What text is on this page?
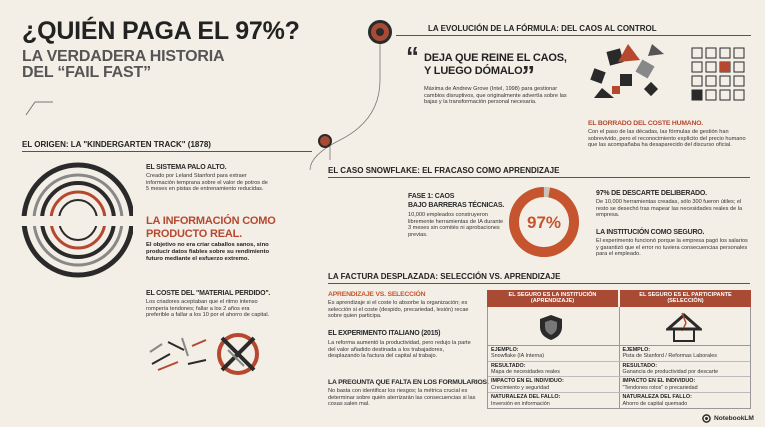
¿QUIÉN PAGA EL 97%?
LA VERDADERA HISTORIA
DEL “FAIL FAST”
LA EVOLUCIÓN DE LA FÓRMULA: DEL CAOS AL CONTROL
“ DEJA QUE REINE EL CAOS,
Y LUEGO DÓMALO.
”
Máxima de Andrew Grove (Intel, 1998) para gestionar cambios disruptivos, que originalmente advertía sobre las bajas y la transformación personal necesaria.
EL BORRADO DEL COSTE HUMANO.
Con el paso de las décadas, las fórmulas de gestión han sobrevivido, pero el reconocimiento explícito del precio humano que las acompañaba ha desaparecido del discurso oficial.
EL ORIGEN: LA "KINDERGARTEN TRACK" (1878)
EL SISTEMA PALO ALTO.
Creado por Leland Stanford para extraer información temprana sobre el valor de potros de 5 meses en pistas de entrenamiento reducidas.
LA INFORMACIÓN COMO
PRODUCTO REAL.
El objetivo no era criar caballos sanos, sino producir datos fiables sobre su rendimiento futuro mediante el esfuerzo extremo.
EL COSTE DEL "MATERIAL PERDIDO".
Los criadores aceptaban que el ritmo intenso rompería tendones; fallar a los 2 años era preferible a fallar a los 10 por el ahorro de capital.
EL CASO SNOWFLAKE: EL FRACASO COMO APRENDIZAJE
FASE 1: CAOS
BAJO BARRERAS TÉCNICAS.
10,000 empleados construyeron libremente herramientas de IA durante 3 meses sin comités ni aprobaciones previas.
97%
97% DE DESCARTE DELIBERADO.
De 10,000 herramientas creadas, sólo 300 fueron útiles; el resto se desechó tras mapear las necesidades reales de la empresa.
LA INSTITUCIÓN COMO SEGURO.
El experimento funcionó porque la empresa pagó los salarios y garantizó que el error no tuviera consecuencias personales para el empleado.
LA FACTURA DESPLAZADA: SELECCIÓN VS. APRENDIZAJE
APRENDIZAJE VS. SELECCIÓN
Es aprendizaje si el coste lo absorbe la organización; es selección si el coste (despido, precariedad, lesión) recae sobre quien participa.
EL EXPERIMENTO ITALIANO (2015)
La reforma aumentó la productividad, pero redujo la parte del valor añadido destinada a los trabajadores, desplazando la factura del capital al trabajo.
LA PREGUNTA QUE FALTA EN LOS FORMULARIOS.
No basta con identificar los riesgos; la métrica crucial es determinar sobre quién aterrizarán las consecuencias si las cosas salen mal.
EL SEGURO ES LA INSTITUCIÓN
(APRENDIZAJE)
EL SEGURO ES EL PARTICIPANTE
(SELECCIÓN)
EJEMPLO:
Snowflake (IA Interna)
EJEMPLO:
Pista de Stanford / Reformas Laborales
RESULTADO:
Mapa de necesidades reales
RESULTADO:
Ganancia de productividad por descarte
IMPACTO EN EL INDIVIDUO:
Crecimiento y seguridad
IMPACTO EN EL INDIVIDUO:
"Tendones rotos" o precariedad
NATURALEZA DEL FALLO:
Inversión en información
NATURALEZA DEL FALLO:
Ahorro de capital quemado
NotebookLM
